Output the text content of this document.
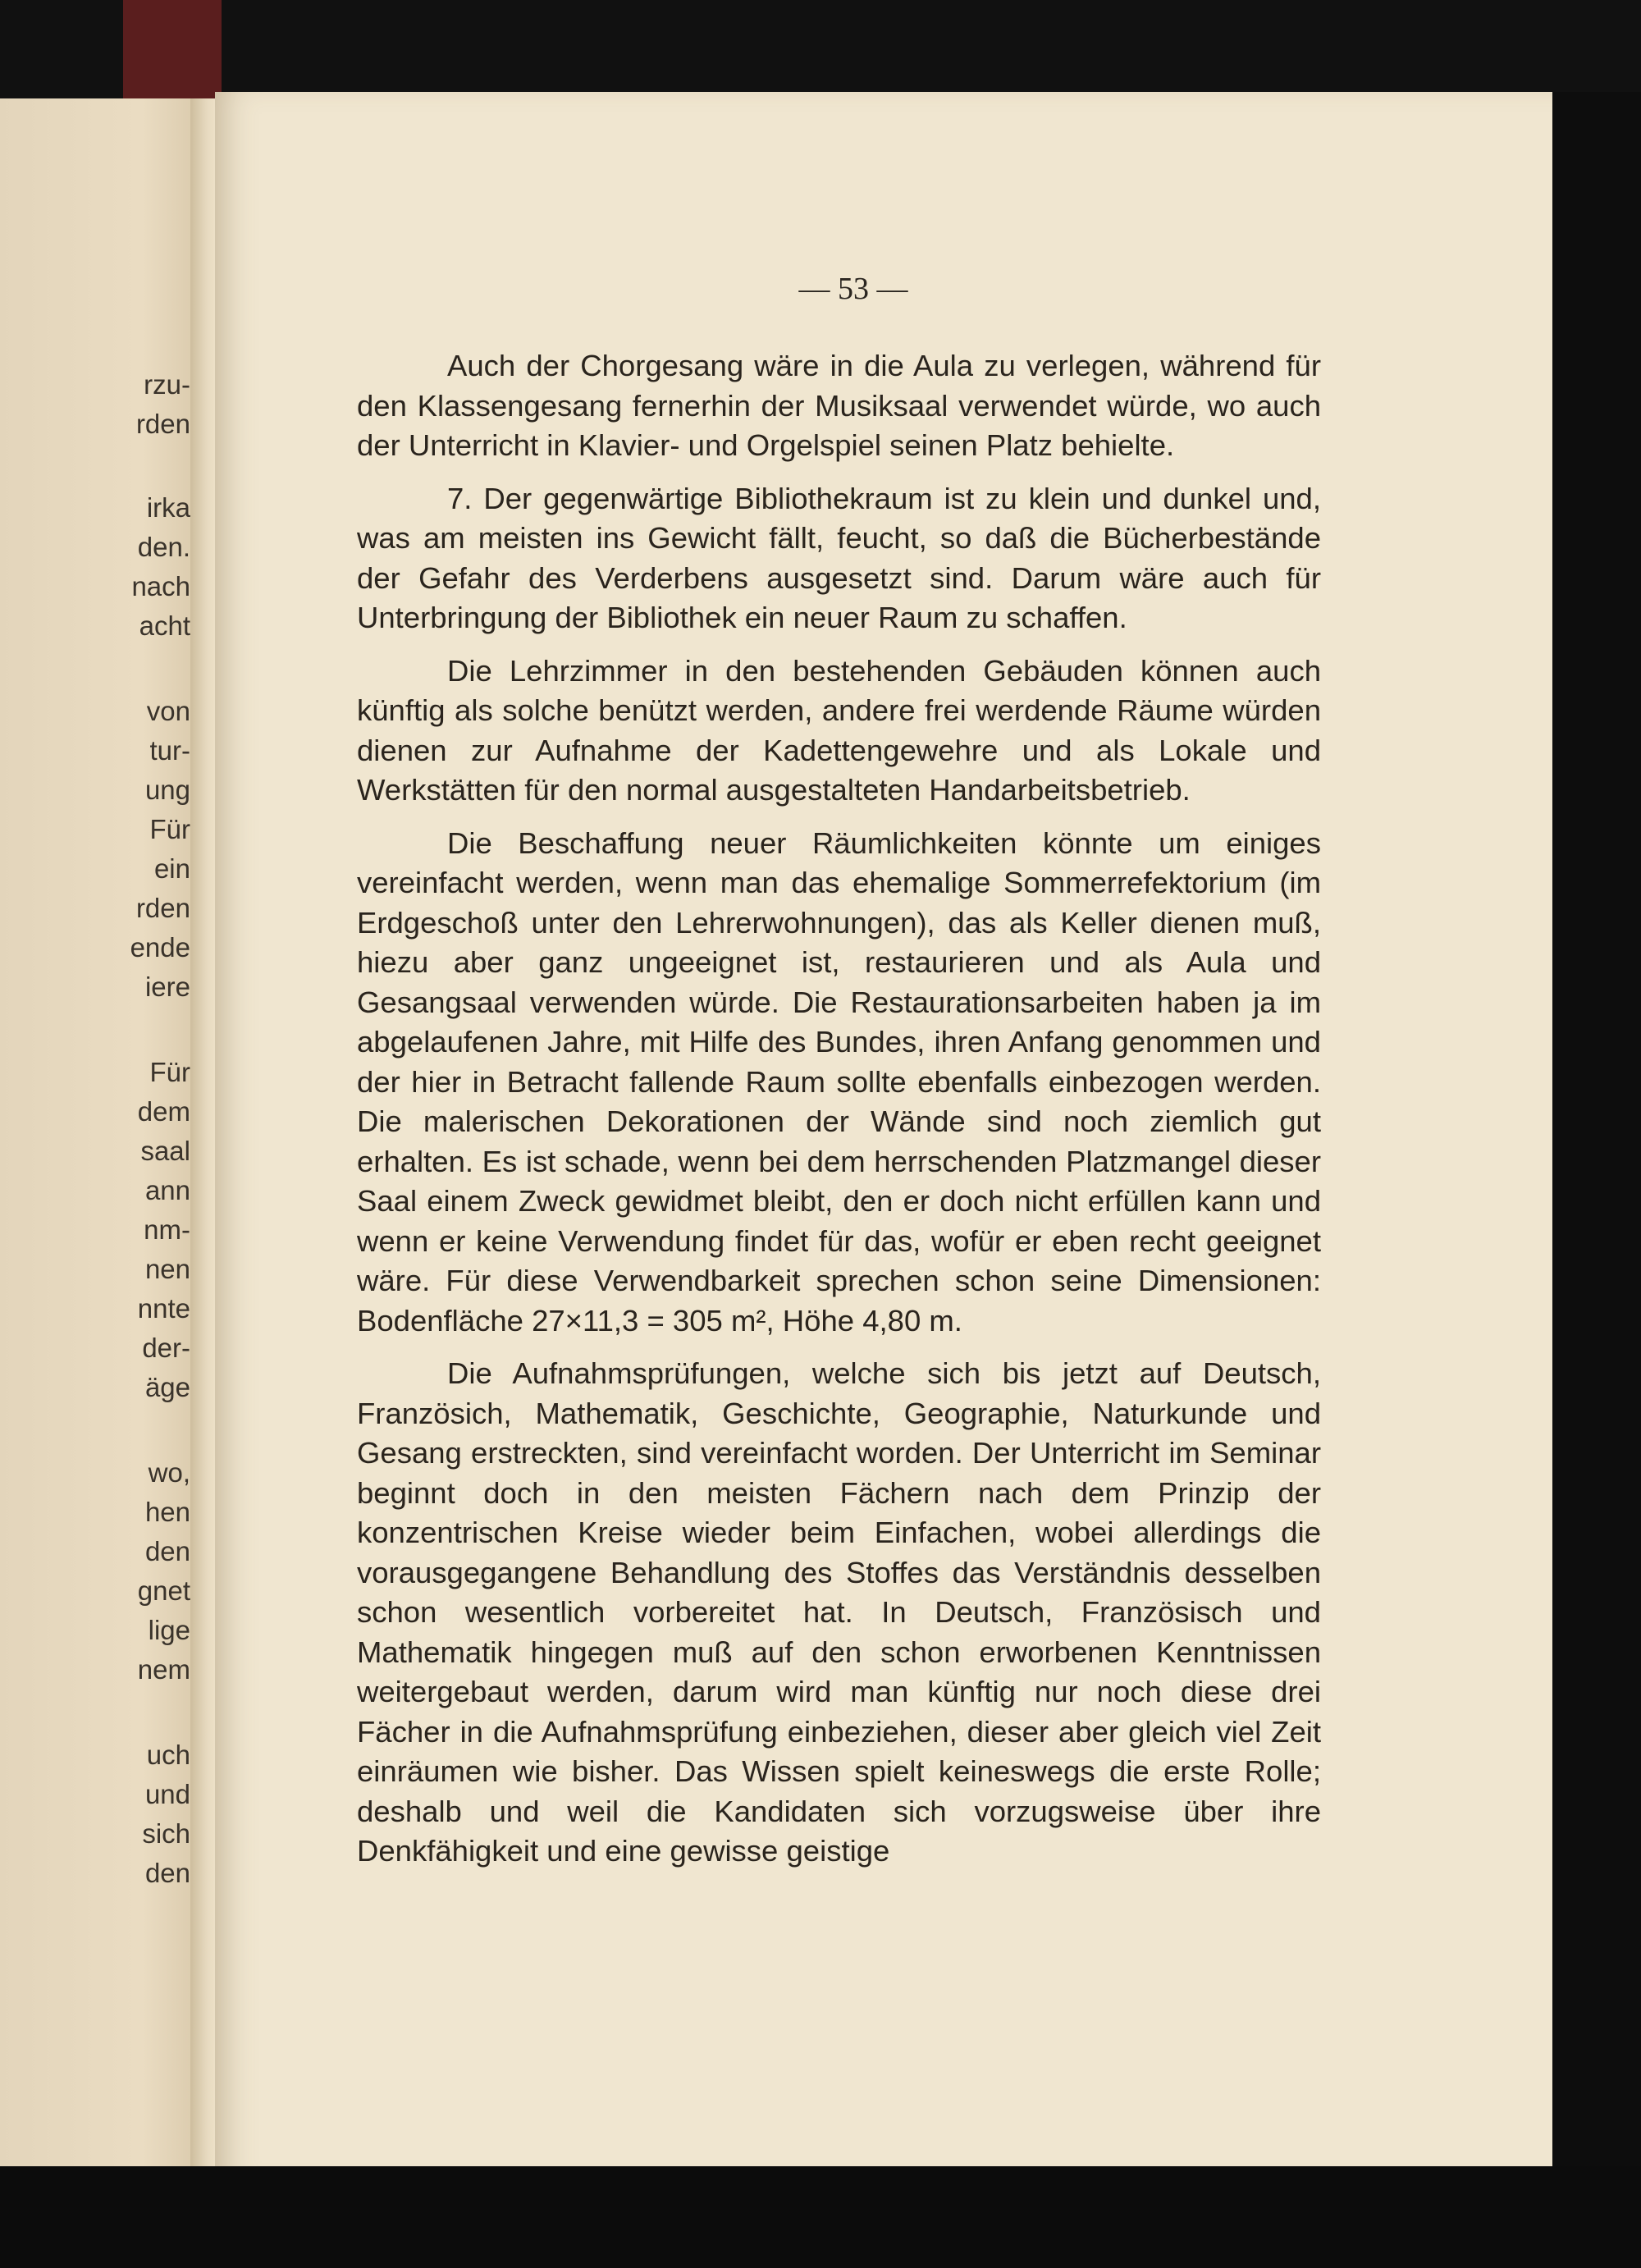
rzu-
rden
irka
den.
nach
acht
von
tur-
ung
Für
ein
rden
ende
iere
Für
dem
saal
ann
nm-
nen
nnte
der-
äge
wo,
hen
den
gnet
lige
nem
uch
und
sich
den
— 53 —

Auch der Chorgesang wäre in die Aula zu verlegen, während für den Klassengesang fernerhin der Musiksaal verwendet würde, wo auch der Unterricht in Klavier- und Orgelspiel seinen Platz behielte.

7. Der gegenwärtige Bibliothekraum ist zu klein und dunkel und, was am meisten ins Gewicht fällt, feucht, so daß die Bücherbestände der Gefahr des Verderbens ausgesetzt sind. Darum wäre auch für Unterbringung der Bibliothek ein neuer Raum zu schaffen.

Die Lehrzimmer in den bestehenden Gebäuden können auch künftig als solche benützt werden, andere frei werdende Räume würden dienen zur Aufnahme der Kadettengewehre und als Lokale und Werkstätten für den normal ausgestalteten Handarbeitsbetrieb.

Die Beschaffung neuer Räumlichkeiten könnte um einiges vereinfacht werden, wenn man das ehemalige Sommerrefektorium (im Erdgeschoß unter den Lehrerwohnungen), das als Keller dienen muß, hiezu aber ganz ungeeignet ist, restaurieren und als Aula und Gesangsaal verwenden würde. Die Restaurationsarbeiten haben ja im abgelaufenen Jahre, mit Hilfe des Bundes, ihren Anfang genommen und der hier in Betracht fallende Raum sollte ebenfalls einbezogen werden. Die malerischen Dekorationen der Wände sind noch ziemlich gut erhalten. Es ist schade, wenn bei dem herrschenden Platzmangel dieser Saal einem Zweck gewidmet bleibt, den er doch nicht erfüllen kann und wenn er keine Verwendung findet für das, wofür er eben recht geeignet wäre. Für diese Verwendbarkeit sprechen schon seine Dimensionen: Bodenfläche 27×11,3 = 305 m², Höhe 4,80 m.

Die Aufnahmsprüfungen, welche sich bis jetzt auf Deutsch, Französich, Mathematik, Geschichte, Geographie, Naturkunde und Gesang erstreckten, sind vereinfacht worden. Der Unterricht im Seminar beginnt doch in den meisten Fächern nach dem Prinzip der konzentrischen Kreise wieder beim Einfachen, wobei allerdings die vorausgegangene Behandlung des Stoffes das Verständnis desselben schon wesentlich vorbereitet hat. In Deutsch, Französisch und Mathematik hingegen muß auf den schon erworbenen Kenntnissen weitergebaut werden, darum wird man künftig nur noch diese drei Fächer in die Aufnahmsprüfung einbeziehen, dieser aber gleich viel Zeit einräumen wie bisher. Das Wissen spielt keineswegs die erste Rolle; deshalb und weil die Kandidaten sich vorzugsweise über ihre Denkfähigkeit und eine gewisse geistige
